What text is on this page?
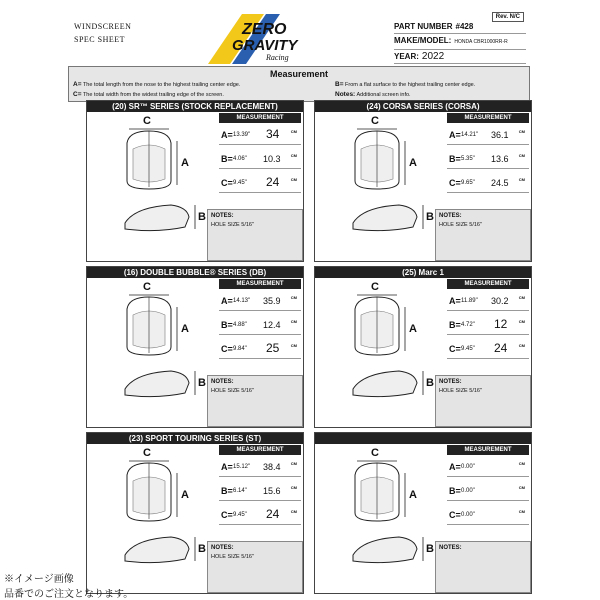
WINDSCREEN
SPEC SHEET
ZERO
GRAVITY
Racing
Rev. N/C
PART NUMBER #428
MAKE/MODEL: HONDA CBR1000RR-R
YEAR: 2022
Measurement
A= The total length from the nose to the highest trailing center edge.
C= The total width from the widest trailing edge of the screen.
B= From a flat surface to the highest trailing center edge.
Notes: Additional screen info.
(20) SR™ SERIES (STOCK REPLACEMENT)
C
A
B
MEASUREMENT
A= 13.39" 34	CM
B= 4.06" 10.3	CM
C= 9.45" 24	CM
NOTES:
HOLE SIZE 5/16"
(24) CORSA SERIES (CORSA)
C
A
B
MEASUREMENT
A= 14.21" 36.1	CM
B= 5.35" 13.6	CM
C= 9.65" 24.5	CM
NOTES:
HOLE SIZE 5/16"
(16) DOUBLE BUBBLE® SERIES (DB)
C
A
B
MEASUREMENT
A= 14.13" 35.9	CM
B= 4.88" 12.4	CM
C= 9.84" 25	CM
NOTES:
HOLE SIZE 5/16"
(25) Marc 1
C
A
B
MEASUREMENT
A= 11.89" 30.2	CM
B= 4.72" 12	CM
C= 9.45" 24	CM
NOTES:
HOLE SIZE 5/16"
(23) SPORT TOURING SERIES (ST)
C
A
B
MEASUREMENT
A= 15.12" 38.4	CM
B= 6.14" 15.6	CM
C= 9.45" 24	CM
NOTES:
HOLE SIZE 5/16"
C
A
B
MEASUREMENT
A= 0.00"
CM
B= 0.00"
CM
C= 0.00"
CM
NOTES:
※イメージ画像
品番でのご注文となります。
